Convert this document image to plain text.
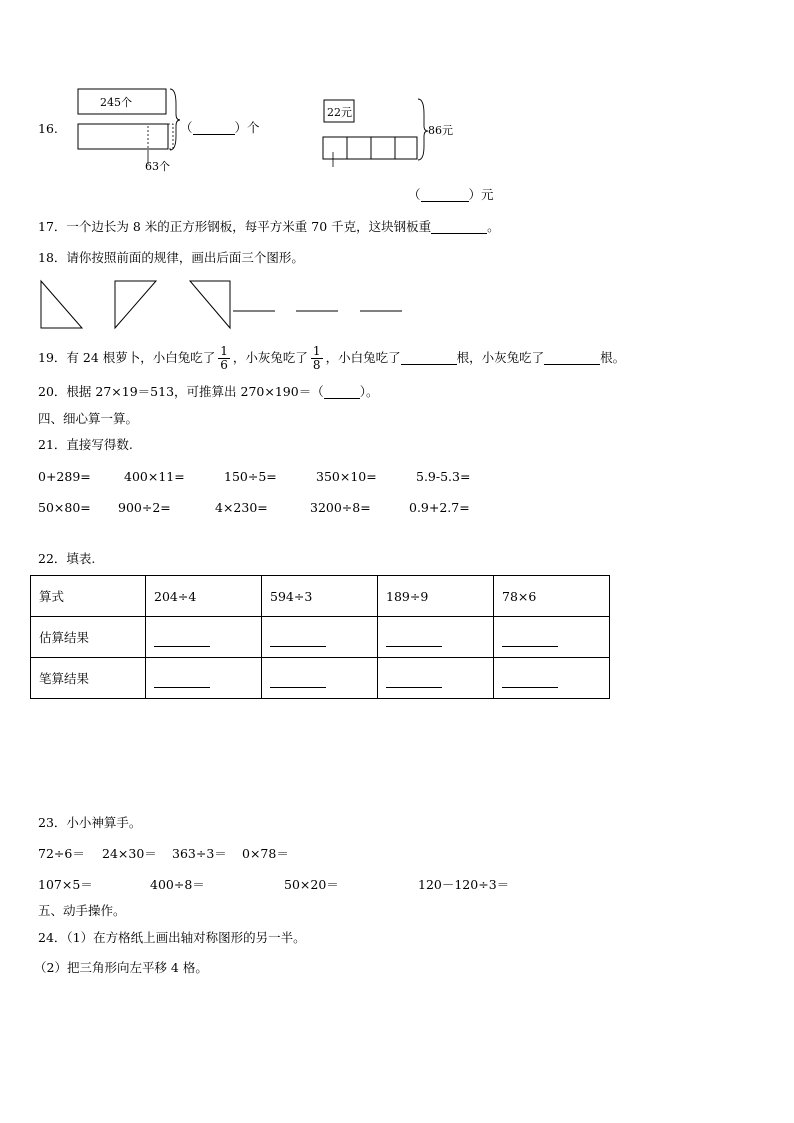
16.
245个
63个
（	）个
22元
86元
（	）元
17．一个边长为 8 米的正方形钢板，每平方米重 70 千克，这块钢板重	。
18．请你按照前面的规律，画出后面三个图形。
19．有 24 根萝卜，小白兔吃了 $\frac{1}{6}$ ，小灰兔吃了 $\frac{1}{8}$ ，小白兔吃了	根，小灰兔吃了	根。
20．根据 27×19＝513，可推算出 270×190＝（	）。
四、细心算一算。
21．直接写得数.
0+289=	400×11=	150÷5=	350×10=	5.9-5.3=
50×80= 900÷2=	4×230=	3200÷8=	0.9+2.7=
22．填表.
算式	204÷4	594÷3	189÷9	78×6
估算结果				
笔算结果				
23．小小神算手。
72÷6＝ 24×30＝ 363÷3＝ 0×78＝
107×5＝	400÷8＝	50×20＝	120－120÷3＝
五、动手操作。
24．（1）在方格纸上画出轴对称图形的另一半。
（2）把三角形向左平移 4 格。
